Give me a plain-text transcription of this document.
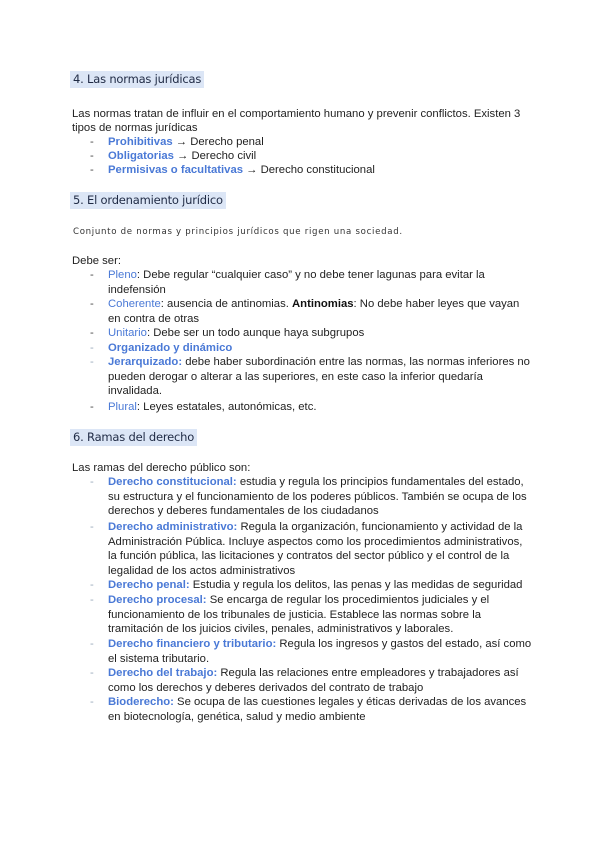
4. Las normas jurídicas
Las normas tratan de influir en el comportamiento humano y prevenir conflictos. Existen 3
tipos de normas jurídicas
-	Prohibitivas → Derecho penal
-	Obligatorias → Derecho civil
-	Permisivas o facultativas → Derecho constitucional
5. El ordenamiento jurídico
Conjunto de normas y principios jurídicos que rigen una sociedad.
Debe ser:
-	Pleno: Debe regular “cualquier caso” y no debe tener lagunas para evitar la indefensión
-	Coherente: ausencia de antinomias. Antinomias: No debe haber leyes que vayan en contra de otras
-	Unitario: Debe ser un todo aunque haya subgrupos
-	Organizado y dinámico
-	Jerarquizado: debe haber subordinación entre las normas, las normas inferiores no pueden derogar o alterar a las superiores, en este caso la inferior quedaría invalidada.
-	Plural: Leyes estatales, autonómicas, etc.
6. Ramas del derecho
Las ramas del derecho público son:
-	Derecho constitucional: estudia y regula los principios fundamentales del estado, su estructura y el funcionamiento de los poderes públicos. También se ocupa de los derechos y deberes fundamentales de los ciudadanos
-	Derecho administrativo: Regula la organización, funcionamiento y actividad de la Administración Pública. Incluye aspectos como los procedimientos administrativos, la función pública, las licitaciones y contratos del sector público y el control de la legalidad de los actos administrativos
-	Derecho penal: Estudia y regula los delitos, las penas y las medidas de seguridad
-	Derecho procesal: Se encarga de regular los procedimientos judiciales y el funcionamiento de los tribunales de justicia. Establece las normas sobre la tramitación de los juicios civiles, penales, administrativos y laborales.
-	Derecho financiero y tributario: Regula los ingresos y gastos del estado, así como el sistema tributario.
-	Derecho del trabajo: Regula las relaciones entre empleadores y trabajadores así como los derechos y deberes derivados del contrato de trabajo
-	Bioderecho: Se ocupa de las cuestiones legales y éticas derivadas de los avances en biotecnología, genética, salud y medio ambiente
